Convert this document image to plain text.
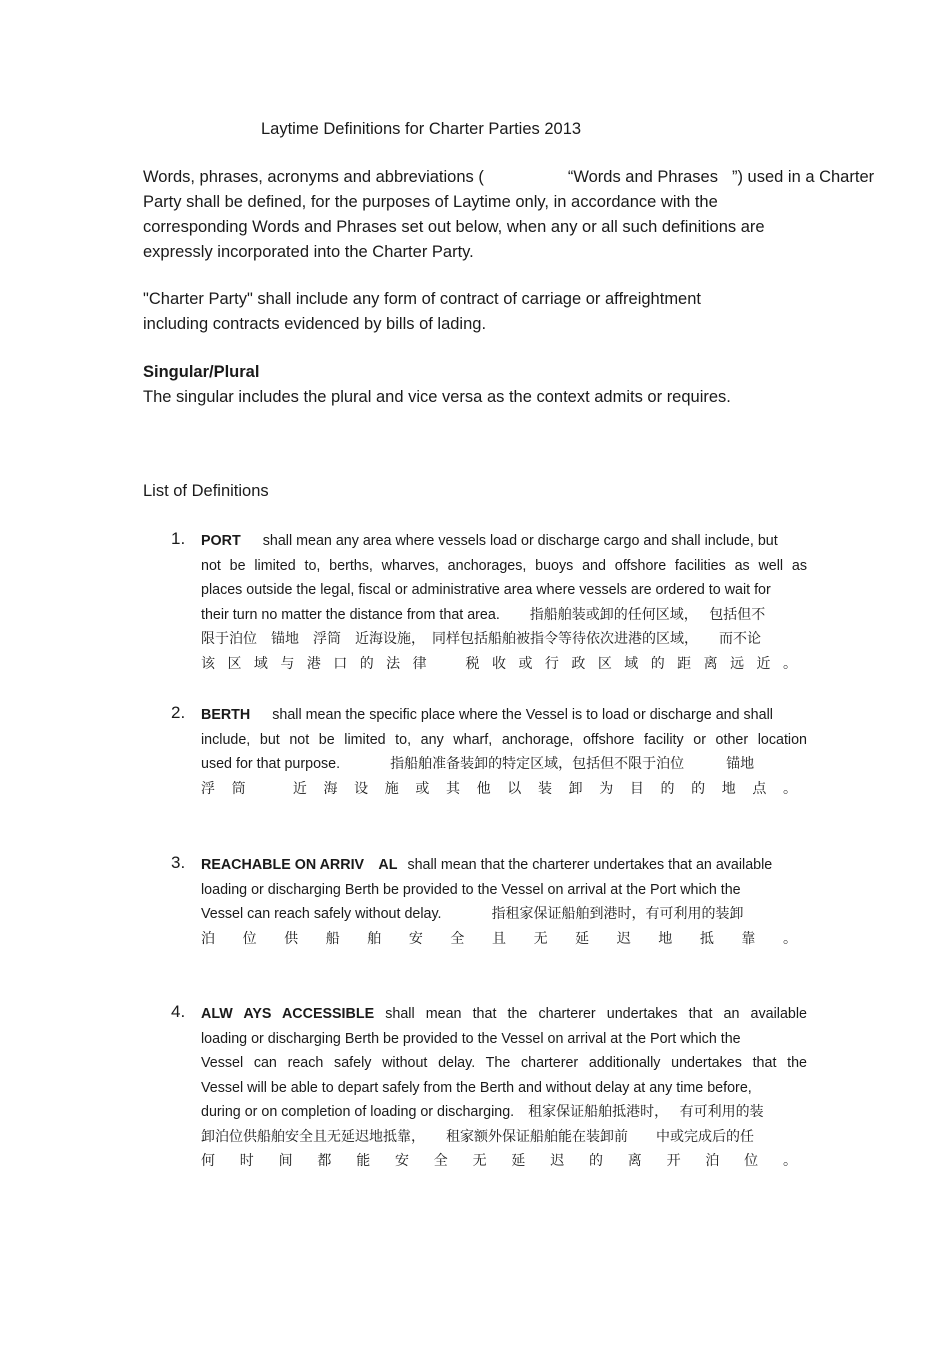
Laytime Definitions for Charter Parties 2013
Words, phrases, acronyms and abbreviations (	“Words and Phrases ”) used in a Charter
Party shall be defined, for the purposes of Laytime only, in accordance with the
corresponding Words and Phrases set out below, when any or all such definitions are
expressly incorporated into the Charter Party.
"Charter Party" shall include any form of contract of carriage or affreightment
including contracts evidenced by bills of lading.
Singular/Plural
The singular includes the plural and vice versa as the context admits or requires.
List of Definitions
1. PORT shall mean any area where vessels load or discharge cargo and shall include, but
not be limited to, berths, wharves, anchorages, buoys and offshore facilities as well as
places outside the legal, fiscal or administrative area where vessels are ordered to wait for
their turn no matter the distance from that area. 指船舶装或卸的任何区域，　 包括但不
限于泊位　锚地　浮筒　近海设施，　同样包括船舶被指令等待依次进港的区域，　　而不论
该 区 域 与 港 口 的 法 律 　 税 收 或 行 政 区 域 的 距 离 远 近 。
2. BERTH shall mean the specific place where the Vessel is to load or discharge and shall
include, but not be limited to, any wharf, anchorage, offshore facility or other location
used for that purpose.	指船舶准备装卸的特定区域，包括但不限于泊位　　　锚地
浮 筒 　 近 海 设 施 或 其 他 以 装 卸 为 目 的 的 地 点 。
3. REACHABLE ON ARRIV　AL shall mean that the charterer undertakes that an available
loading or discharging Berth be provided to the Vessel on arrival at the Port which the
Vessel can reach safely without delay.	指租家保证船舶到港时，有可利用的装卸
泊 位 供 船 舶 安 全 且 无 延 迟 地 抵 靠 。
4. ALW AYS ACCESSIBLE shall mean that the charterer undertakes that an available
loading or discharging Berth be provided to the Vessel on arrival at the Port which the
Vessel can reach safely without delay. The charterer additionally undertakes that the
Vessel will be able to depart safely from the Berth and without delay at any time before,
during or on completion of loading or discharging. 租家保证船舶抵港时，　 有可利用的装
卸泊位供船舶安全且无延迟地抵靠，　　租家额外保证船舶能在装卸前　　中或完成后的任
何 时 间 都 能 安 全 无 延 迟 的 离 开 泊 位 。
